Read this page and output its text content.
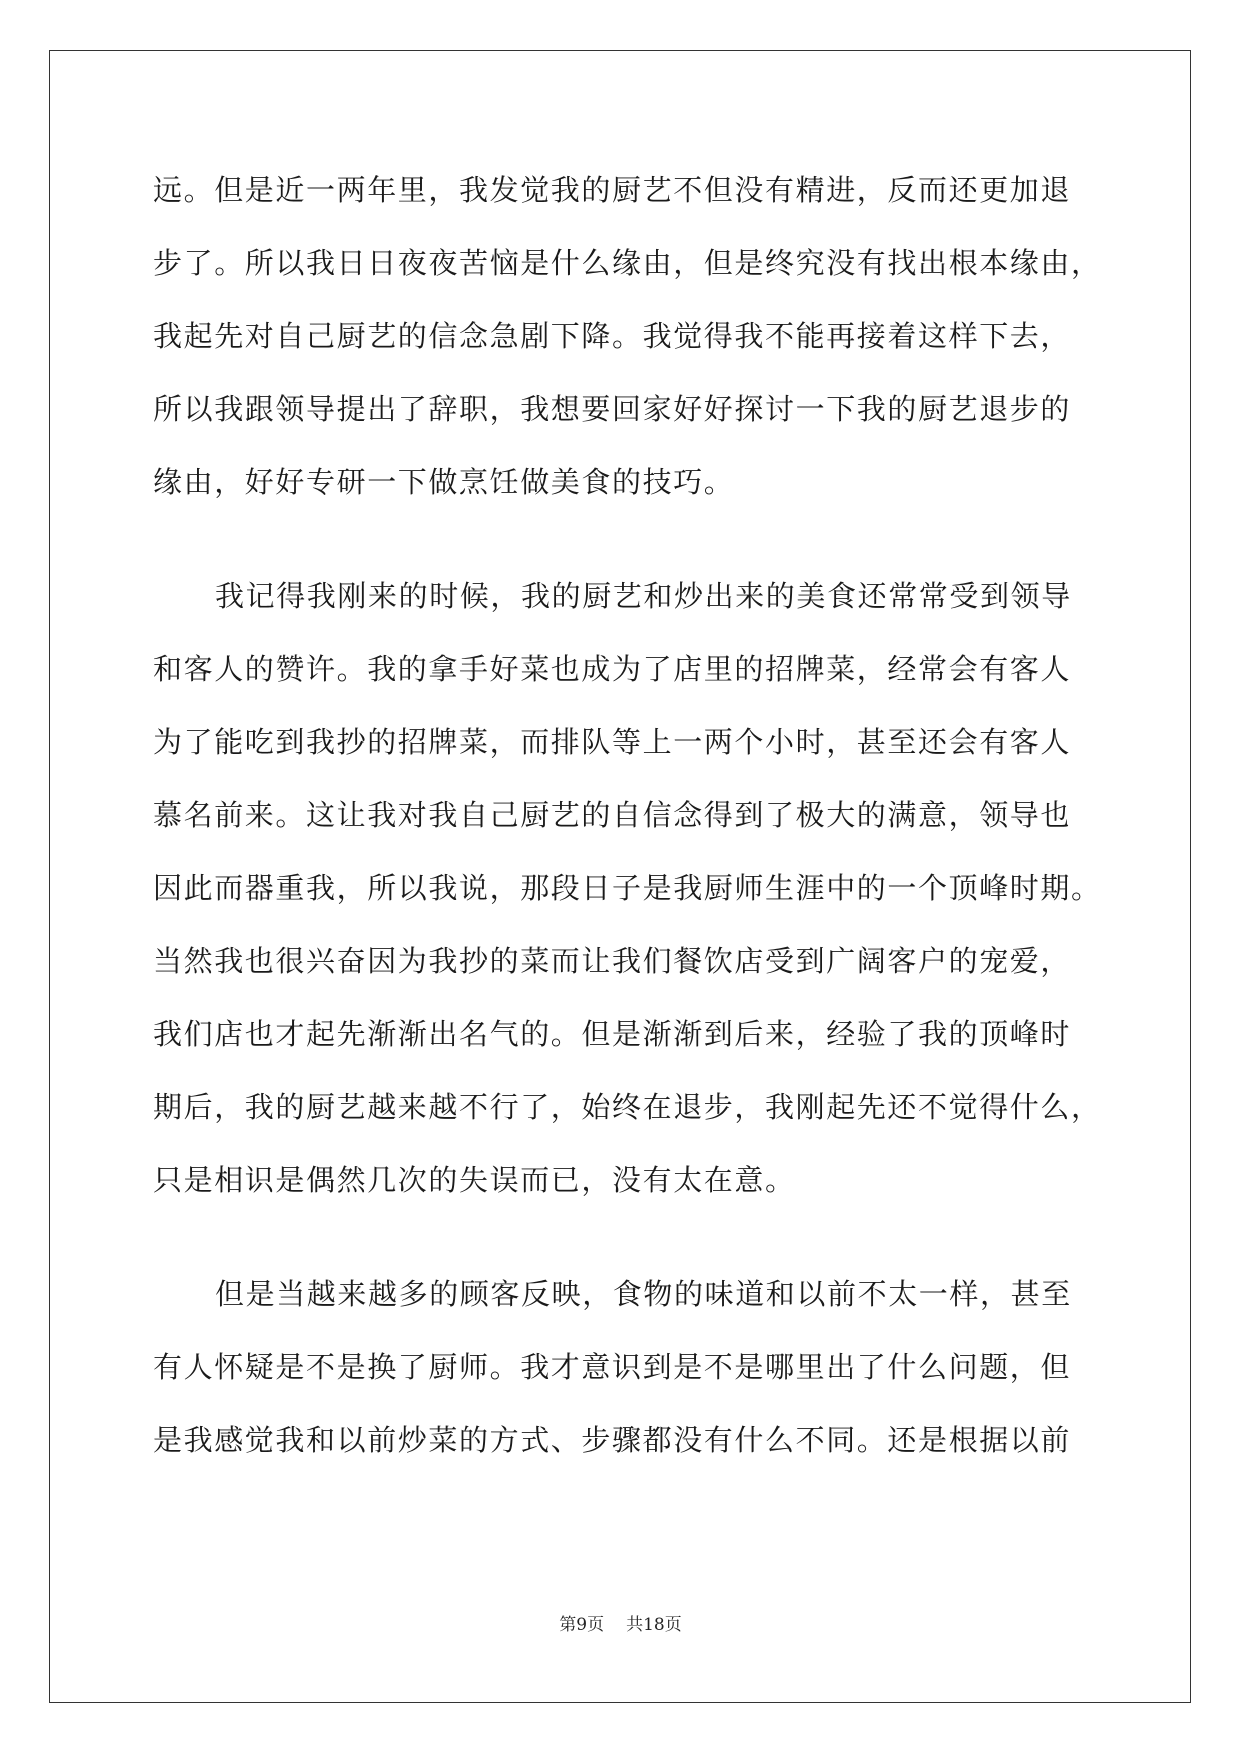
远。但是近一两年里，我发觉我的厨艺不但没有精进，反而还更加退
步了。所以我日日夜夜苦恼是什么缘由，但是终究没有找出根本缘由，
我起先对自己厨艺的信念急剧下降。我觉得我不能再接着这样下去，
所以我跟领导提出了辞职，我想要回家好好探讨一下我的厨艺退步的
缘由，好好专研一下做烹饪做美食的技巧。
我记得我刚来的时候，我的厨艺和炒出来的美食还常常受到领导
和客人的赞许。我的拿手好菜也成为了店里的招牌菜，经常会有客人
为了能吃到我抄的招牌菜，而排队等上一两个小时，甚至还会有客人
慕名前来。这让我对我自己厨艺的自信念得到了极大的满意，领导也
因此而器重我，所以我说，那段日子是我厨师生涯中的一个顶峰时期。
当然我也很兴奋因为我抄的菜而让我们餐饮店受到广阔客户的宠爱，
我们店也才起先渐渐出名气的。但是渐渐到后来，经验了我的顶峰时
期后，我的厨艺越来越不行了，始终在退步，我刚起先还不觉得什么，
只是相识是偶然几次的失误而已，没有太在意。
但是当越来越多的顾客反映，食物的味道和以前不太一样，甚至
有人怀疑是不是换了厨师。我才意识到是不是哪里出了什么问题，但
是我感觉我和以前炒菜的方式、步骤都没有什么不同。还是根据以前
第9页 共18页
